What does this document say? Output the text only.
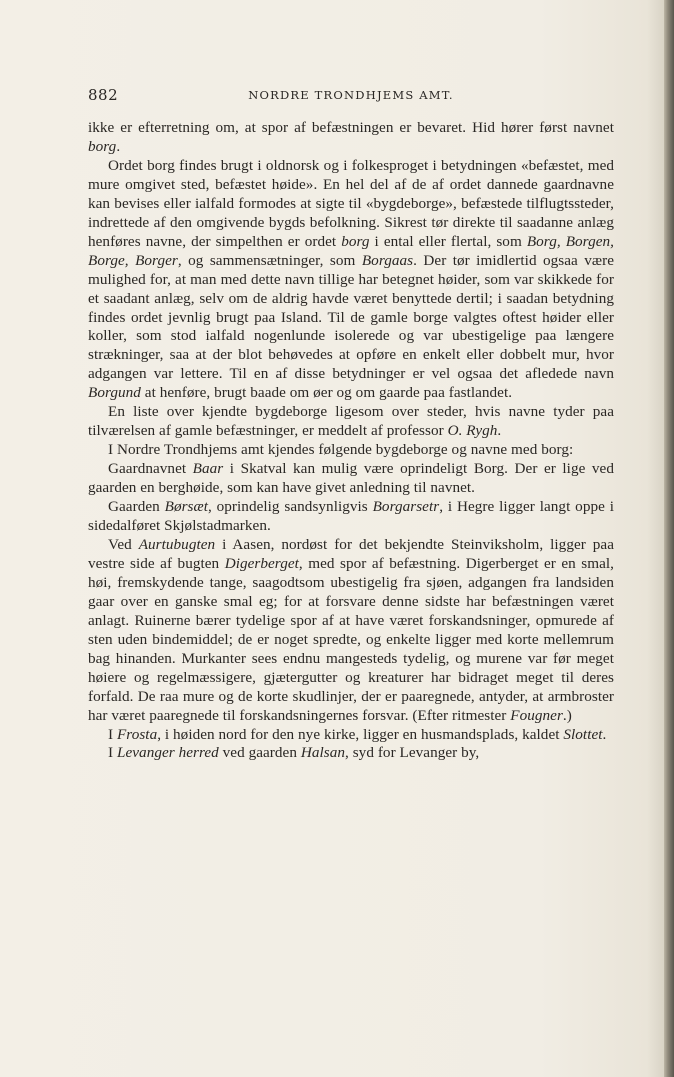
882	NORDRE TRONDHJEMS AMT.

ikke er efterretning om, at spor af befæstningen er bevaret. Hid hører først navnet borg.

Ordet borg findes brugt i oldnorsk og i folkesproget i betydningen «befæstet, med mure omgivet sted, befæstet høide». En hel del af de af ordet dannede gaardnavne kan bevises eller ialfald formodes at sigte til «bygdeborge», befæstede tilflugtssteder, indrettede af den omgivende bygds befolkning. Sikrest tør direkte til saadanne anlæg henføres navne, der simpelthen er ordet borg i ental eller flertal, som Borg, Borgen, Borge, Borger, og sammensætninger, som Borgaas. Der tør imidlertid ogsaa være mulighed for, at man med dette navn tillige har betegnet høider, som var skikkede for et saadant anlæg, selv om de aldrig havde været benyttede dertil; i saadan betydning findes ordet jevnlig brugt paa Island. Til de gamle borge valgtes oftest høider eller koller, som stod ialfald nogenlunde isolerede og var ubestigelige paa længere strækninger, saa at der blot behøvedes at opføre en enkelt eller dobbelt mur, hvor adgangen var lettere. Til en af disse betydninger er vel ogsaa det afledede navn Borgund at henføre, brugt baade om øer og om gaarde paa fastlandet.

En liste over kjendte bygdeborge ligesom over steder, hvis navne tyder paa tilværelsen af gamle befæstninger, er meddelt af professor O. Rygh.

I Nordre Trondhjems amt kjendes følgende bygdeborge og navne med borg:

Gaardnavnet Baar i Skatval kan mulig være oprindeligt Borg. Der er lige ved gaarden en berghøide, som kan have givet anledning til navnet.

Gaarden Børsæt, oprindelig sandsynligvis Borgarsetr, i Hegre ligger langt oppe i sidedalføret Skjølstadmarken.

Ved Aurtubugten i Aasen, nordøst for det bekjendte Steinviksholm, ligger paa vestre side af bugten Digerberget, med spor af befæstning. Digerberget er en smal, høi, fremskydende tange, saagodtsom ubestigelig fra sjøen, adgangen fra landsiden gaar over en ganske smal eg; for at forsvare denne sidste har befæstningen været anlagt. Ruinerne bærer tydelige spor af at have været forskandsninger, opmurede af sten uden bindemiddel; de er noget spredte, og enkelte ligger med korte mellemrum bag hinanden. Murkanter sees endnu mangesteds tydelig, og murene var før meget høiere og regelmæssigere, gjætergutter og kreaturer har bidraget meget til deres forfald. De raa mure og de korte skudlinjer, der er paaregnede, antyder, at armbroster har været paaregnede til forskandsningernes forsvar. (Efter ritmester Fougner.)

I Frosta, i høiden nord for den nye kirke, ligger en husmandsplads, kaldet Slottet.

I Levanger herred ved gaarden Halsan, syd for Levanger by,
